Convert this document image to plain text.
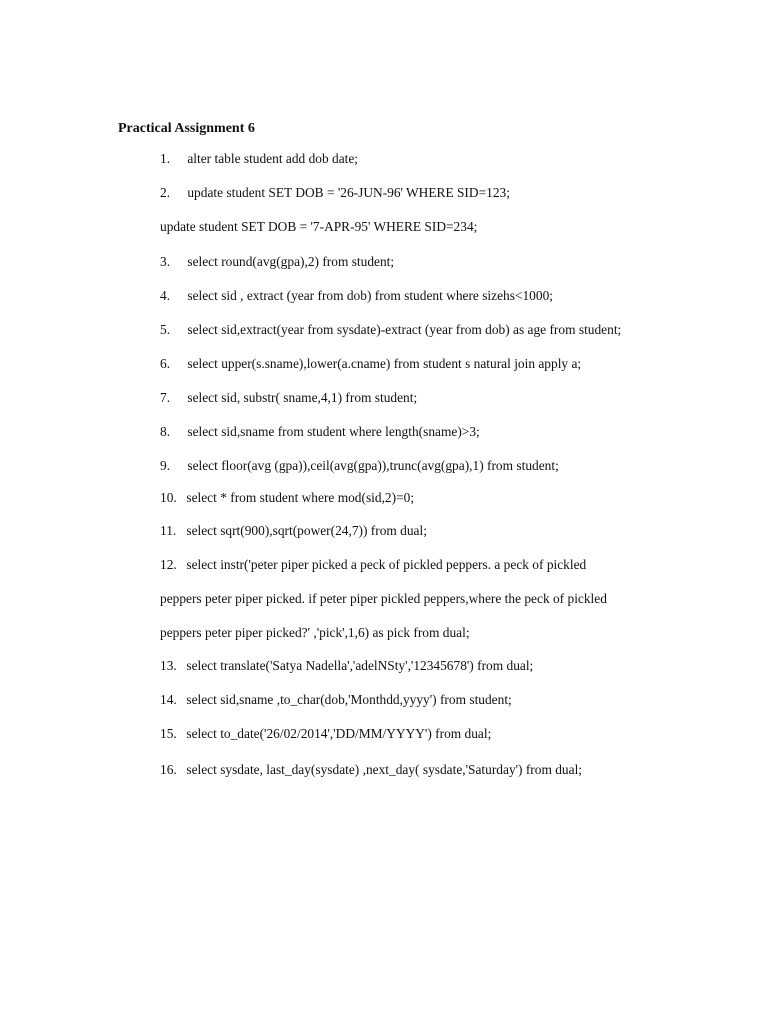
Practical Assignment 6
1. alter table student add dob date;
2. update student SET DOB = '26-JUN-96' WHERE SID=123;
update student SET DOB = '7-APR-95' WHERE SID=234;
3. select round(avg(gpa),2) from student;
4. select sid , extract (year from dob) from student where sizehs<1000;
5. select sid,extract(year from sysdate)-extract (year from dob) as age from student;
6. select upper(s.sname),lower(a.cname) from student s natural join apply a;
7. select sid, substr( sname,4,1) from student;
8. select sid,sname from student where length(sname)>3;
9. select floor(avg (gpa)),ceil(avg(gpa)),trunc(avg(gpa),1) from student;
10. select * from student where mod(sid,2)=0;
11. select sqrt(900),sqrt(power(24,7)) from dual;
12. select instr('peter piper picked a peck of pickled peppers. a peck of pickled
peppers peter piper picked. if peter piper pickled peppers,where the peck of pickled
peppers peter piper picked?' ,'pick',1,6) as pick from dual;
13. select translate('Satya Nadella','adelNSty','12345678') from dual;
14. select sid,sname ,to_char(dob,'Monthdd,yyyy') from student;
15. select to_date('26/02/2014','DD/MM/YYYY') from dual;
16. select sysdate, last_day(sysdate) ,next_day( sysdate,'Saturday') from dual;
